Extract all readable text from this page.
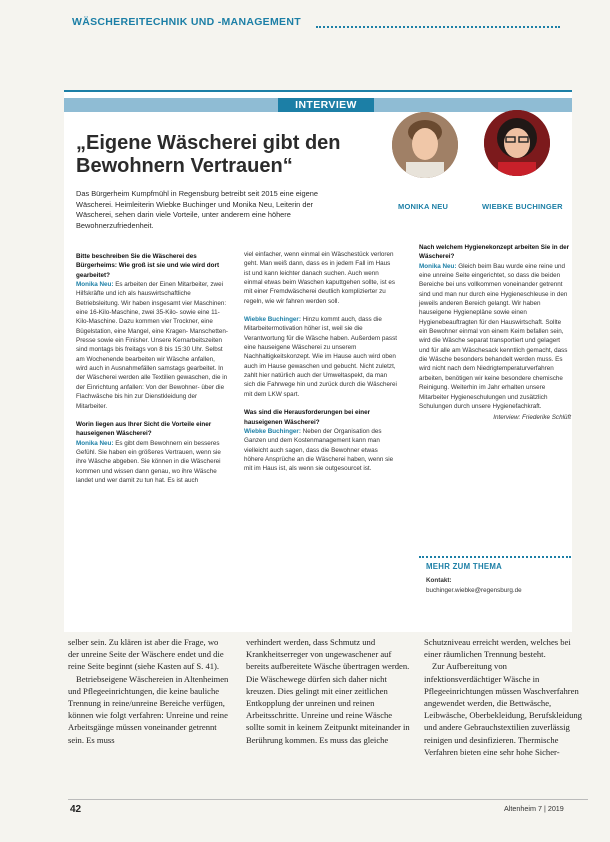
WÄSCHEREITECHNIK UND -MANAGEMENT
INTERVIEW
„Eigene Wäscherei gibt den Bewohnern Vertrauen“
Das Bürgerheim Kumpfmühl in Regensburg betreibt seit 2015 eine eigene Wäscherei. Heimleiterin Wiebke Buchinger und Monika Neu, Leiterin der Wäscherei, sehen darin viele Vorteile, unter anderem eine höhere Bewohnerzufriedenheit.
MONIKA NEU	WIEBKE BUCHINGER

Bitte beschreiben Sie die Wäscherei des Bürgerheims: Wie groß ist sie und wie wird dort gearbeitet?
Monika Neu: Es arbeiten der Einen Mitarbeiter, zwei Hilfskräfte und ich als hauswirtschaftliche Betriebsleitung. Wir haben insgesamt vier Maschinen: eine 16-Kilo-Maschine, zwei 35-Kilo- sowie eine 11-Kilo-Maschine. Dazu kommen vier Trockner, eine Bügelstation, eine Mangel, eine Kragen- Manschetten-Presse sowie ein Finisher. Unsere Kernarbeitszeiten sind montags bis freitags von 8 bis 15:30 Uhr. Selbst am Wochenende bearbeiten wir Wäsche anfallen, wird auch in Ausnahmefällen samstags gearbeitet. In der Wäscherei werden alle Textilien gewaschen, die in der Einrichtung anfallen: Von der Bewohner- über die Flachwäsche bis hin zur Dienstkleidung der Mitarbeiter.

Worin liegen aus Ihrer Sicht die Vorteile einer hauseigenen Wäscherei?
Monika Neu: Es gibt dem Bewohnern ein besseres Gefühl. Sie haben ein größeres Vertrauen, wenn sie ihre Wäsche abgeben. Sie können in die Wäscherei kommen und wissen dann genau, wo ihre Wäsche landet und wer damit zu tun hat. Es ist auch

viel einfacher, wenn einmal ein Wäschestück verloren geht. Man weiß dann, dass es in jedem Fall im Haus ist und kann leichter danach suchen. Auch wenn einmal etwas beim Waschen kaputtgehen sollte, ist es mit einer Fremdwäscherei deutlich komplizierter zu regeln, wie wir fahren werden soll.

Wiebke Buchinger: Hinzu kommt auch, dass die Mitarbeitermotivation höher ist, weil sie die Verantwortung für die Wäsche haben. Außerdem passt eine hauseigene Wäscherei zu unserem Nachhaltigkeitskonzept. Wie im Hause auch wird oben auch im Hause gewaschen und gebucht. Nicht zuletzt, zahlt hier natürlich auch der Umweltaspekt, da man sich die Fahrwege hin und zurück durch die Wäscherei mit dem LKW spart.

Was sind die Herausforderungen bei einer hauseigenen Wäscherei?
Wiebke Buchinger: Neben der Organisation des Ganzen und dem Kostenmanagement kann man vielleicht auch sagen, dass die Bewohner etwas höhere Ansprüche an die Wäscherei haben, wenn sie mit im Haus ist, als wenn sie outgesourcet ist.

Nach welchem Hygienekonzept arbeiten Sie in der Wäscherei?
Monika Neu: Gleich beim Bau wurde eine reine und eine unreine Seite eingerichtet, so dass die beiden Bereiche bei uns vollkommen voneinander getrennt sind und man nur durch eine Hygieneschleuse in den jeweils anderen Bereich gelangt. Wir haben hauseigene Hygienepläne sowie einen Hygienebeauftragten für den Hauswirtschaft. Sollte ein Bewohner einmal von einem Keim befallen sein, wird die Wäsche separat transportiert und gelagert und für alle am Wäschesack kenntlich gemacht, dass die Wäsche besonders behandelt werden muss. Es wird nicht nach dem Niedrigtemperaturverfahren arbeiten, benötigen wir keine besondere chemische Reinigung. Weiterhin im Jahr erhalten unsere Mitarbeiter Hygieneschulungen und zusätzlich Schulungen durch unsere Hygienefachkraft.
Interview: Friederike Schlüft

MEHR ZUM THEMA
Kontakt:
buchinger.wiebke@regensburg.de

selber sein. Zu klären ist aber die Frage, wo der unreine Seite der Wäschere endet und die reine Seite beginnt (siehe Kasten auf S. 41).

Betriebseigene Wäschereien in Altenheimen und Pflegeeinrichtungen, die keine bauliche Trennung in reine/unreine Bereiche verfügen, können wie folgt verfahren: Unreine und reine Arbeitsgänge müssen voneinander getrennt sein. Es muss

verhindert werden, dass Schmutz und Krankheitserreger von ungewaschener auf bereits aufbereitete Wäsche übertragen werden. Die Wäschewege dürfen sich daher nicht kreuzen. Dies gelingt mit einer zeitlichen Entkopplung der unreinen und reinen Arbeitsschritte. Unreine und reine Wäsche sollte somit in keinem Zeitpunkt miteinander in Berührung kommen. Es muss das gleiche

Schutzniveau erreicht werden, welches bei einer räumlichen Trennung besteht.

Zur Aufbereitung von infektionsverdächtiger Wäsche in Pflegeeinrichtungen müssen Waschverfahren angewendet werden, die Bettwäsche, Leibwäsche, Oberbekleidung, Berufskleidung und andere Gebrauchstextilien zuverlässig reinigen und desinfizieren. Thermische Verfahren bieten eine sehr hohe Sicher-

42	Altenheim 7 | 2019
